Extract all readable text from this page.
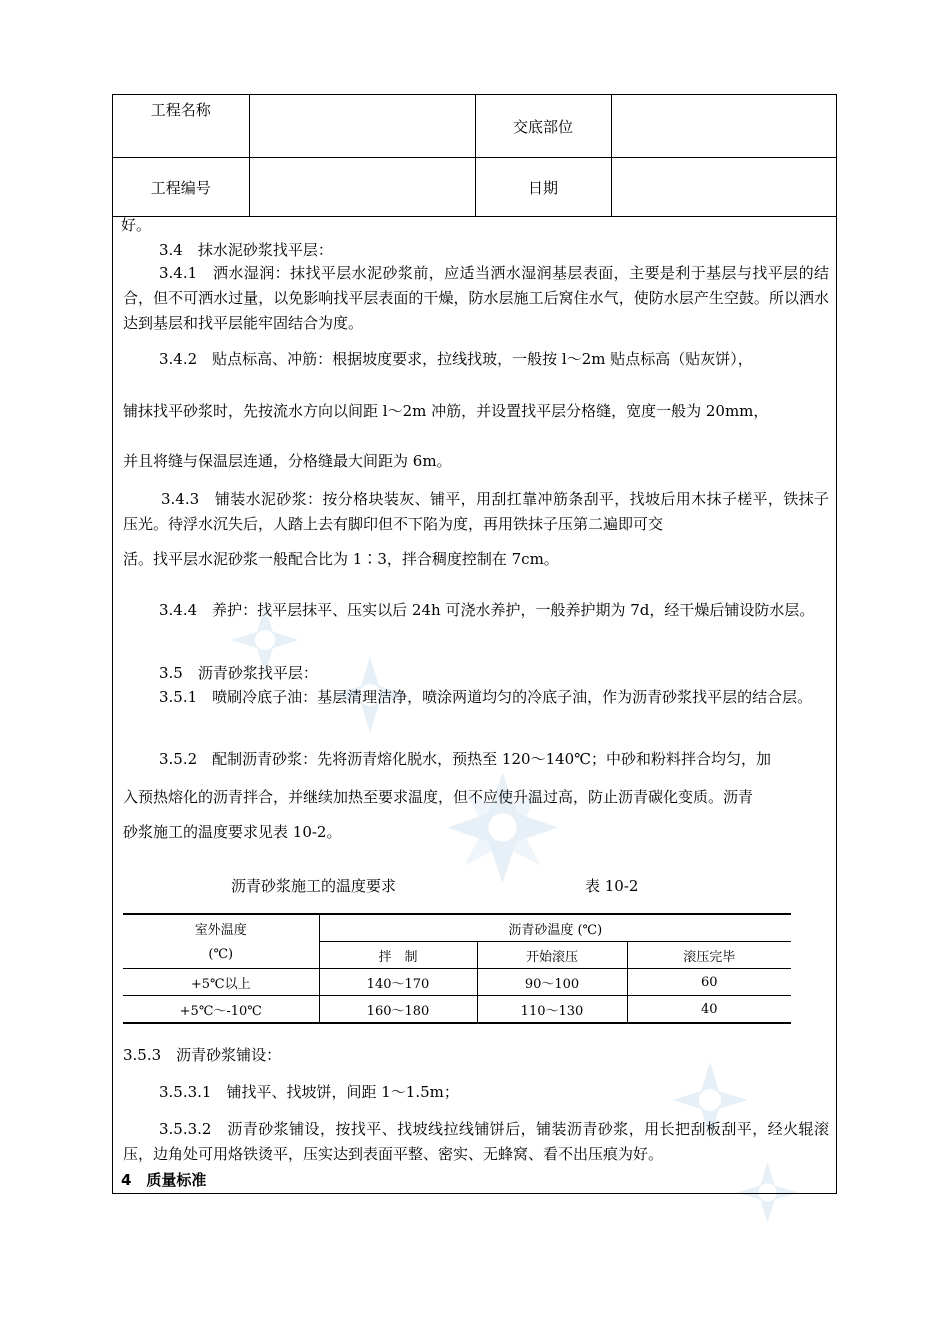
工程名称		交底部位	
工程编号		日期	
好。
3.4　抹水泥砂浆找平层：
3.4.1　洒水湿润：抹找平层水泥砂浆前，应适当洒水湿润基层表面，主要是利于基层与找平层的结合，但不可洒水过量，以免影响找平层表面的干燥，防水层施工后窝住水气，使防水层产生空鼓。所以洒水达到基层和找平层能牢固结合为度。
3.4.2　贴点标高、冲筋：根据坡度要求，拉线找玻，一般按 l～2m 贴点标高（贴灰饼），
铺抹找平砂浆时，先按流水方向以间距 l～2m 冲筋，并设置找平层分格缝，宽度一般为 20mm，
并且将缝与保温层连通，分格缝最大间距为 6m。
3.4.3　铺装水泥砂浆：按分格块装灰、铺平，用刮扛靠冲筋条刮平，找坡后用木抹子槎平，铁抹子压光。待浮水沉失后，人踏上去有脚印但不下陷为度，再用铁抹子压第二遍即可交
活。找平层水泥砂浆一般配合比为 1∶3，拌合稠度控制在 7cm。
3.4.4　养护：找平层抹平、压实以后 24h 可浇水养护，一般养护期为 7d，经干燥后铺设防水层。
3.5　沥青砂浆找平层：
3.5.1　喷刷冷底子油：基层清理洁净，喷涂两道均匀的冷底子油，作为沥青砂浆找平层的结合层。
3.5.2　配制沥青砂浆：先将沥青熔化脱水，预热至 120～140℃；中砂和粉料拌合均匀，加
入预热熔化的沥青拌合，并继续加热至要求温度，但不应使升温过高，防止沥青碳化变质。沥青
砂浆施工的温度要求见表 10-2。
沥青砂浆施工的温度要求	表 10-2
室外温度	沥青砂温度 (℃)		
(℃)	拌　制	开始滚压	滚压完毕
+5℃以上	140～170	90～100	60
+5℃～-10℃	160～180	110～130	40
3.5.3　沥青砂浆铺设：
3.5.3.1　铺找平、找坡饼，间距 1～1.5m；
3.5.3.2　沥青砂浆铺设，按找平、找坡线拉线铺饼后，铺装沥青砂浆，用长把刮板刮平，经火辊滚压，边角处可用烙铁烫平，压实达到表面平整、密实、无蜂窝、看不出压痕为好。
4　质量标准
